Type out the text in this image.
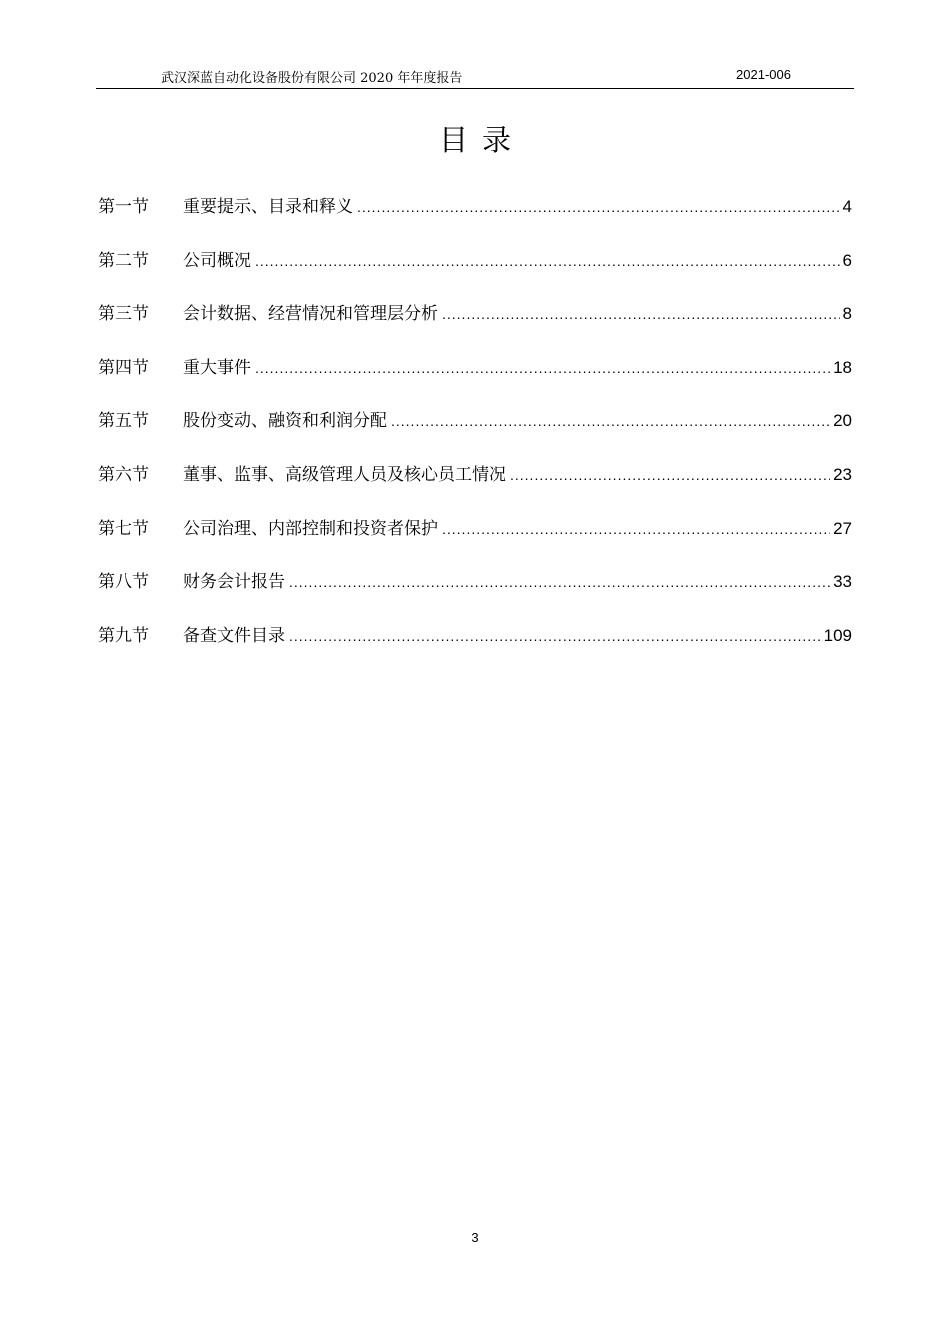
武汉深蓝自动化设备股份有限公司 2020 年年度报告	2021-006
目录
第一节	重要提示、目录和释义 .....	4
第二节	公司概况 .....	6
第三节	会计数据、经营情况和管理层分析 .....	8
第四节	重大事件 .....	18
第五节	股份变动、融资和利润分配 .....	20
第六节	董事、监事、高级管理人员及核心员工情况 .....	23
第七节	公司治理、内部控制和投资者保护 .....	27
第八节	财务会计报告 .....	33
第九节	备查文件目录 .....	109
3
